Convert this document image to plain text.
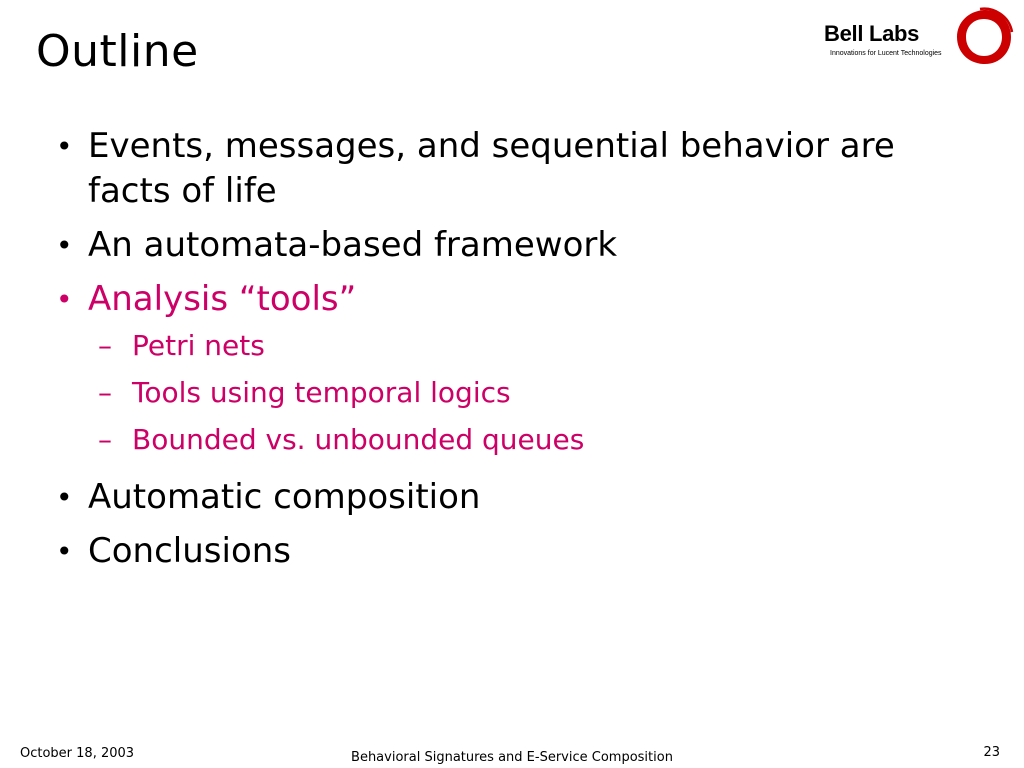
Outline	Bell Labs
Innovations for Lucent Technologies
• Events, messages, and sequential behavior are facts of life
• An automata-based framework
• Analysis “tools”
– Petri nets
– Tools using temporal logics
– Bounded vs. unbounded queues
• Automatic composition
• Conclusions
October 18, 2003	Behavioral Signatures and E-Service Composition	23
